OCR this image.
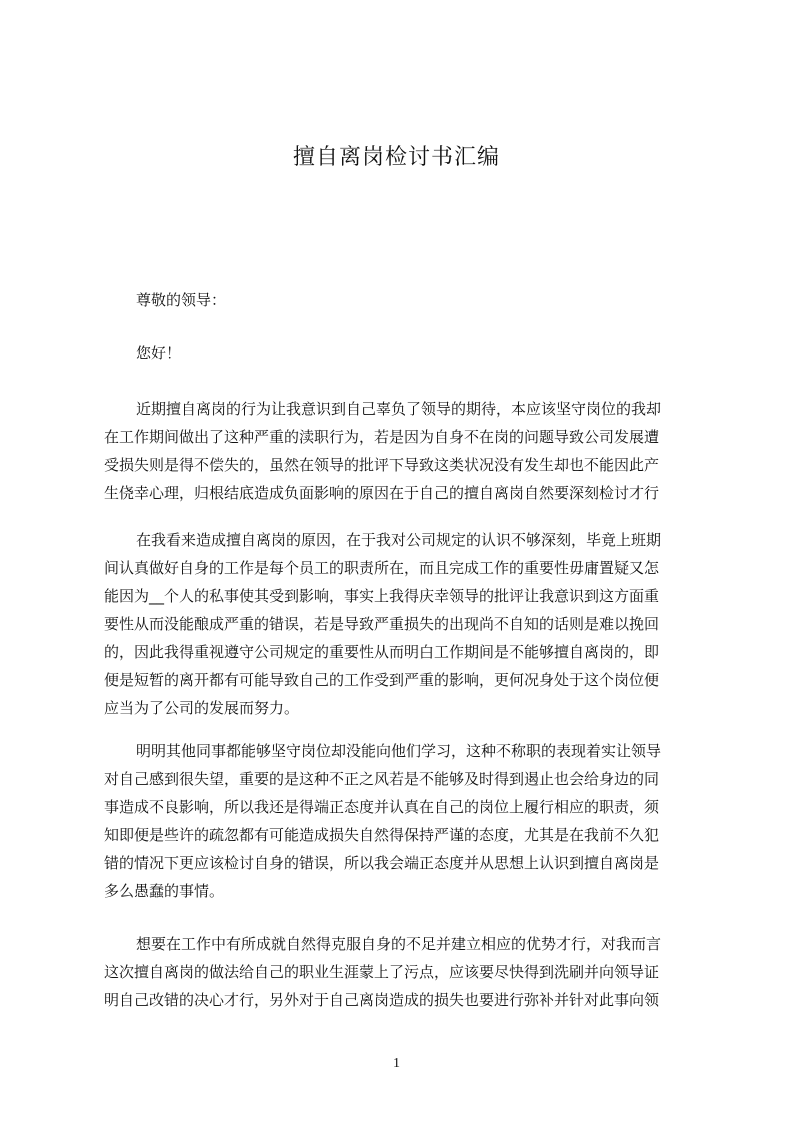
擅自离岗检讨书汇编
尊敬的领导：
您好！
近期擅自离岗的行为让我意识到自己辜负了领导的期待，本应该坚守岗位的我却
在工作期间做出了这种严重的渎职行为，若是因为自身不在岗的问题导致公司发展遭
受损失则是得不偿失的，虽然在领导的批评下导致这类状况没有发生却也不能因此产
生侥幸心理，归根结底造成负面影响的原因在于自己的擅自离岗自然要深刻检讨才行
在我看来造成擅自离岗的原因，在于我对公司规定的认识不够深刻，毕竟上班期
间认真做好自身的工作是每个员工的职责所在，而且完成工作的重要性毋庸置疑又怎
能因为__个人的私事使其受到影响，事实上我得庆幸领导的批评让我意识到这方面重
要性从而没能酿成严重的错误，若是导致严重损失的出现尚不自知的话则是难以挽回
的，因此我得重视遵守公司规定的重要性从而明白工作期间是不能够擅自离岗的，即
便是短暂的离开都有可能导致自己的工作受到严重的影响，更何况身处于这个岗位便
应当为了公司的发展而努力。
明明其他同事都能够坚守岗位却没能向他们学习，这种不称职的表现着实让领导
对自己感到很失望，重要的是这种不正之风若是不能够及时得到遏止也会给身边的同
事造成不良影响，所以我还是得端正态度并认真在自己的岗位上履行相应的职责，须
知即便是些许的疏忽都有可能造成损失自然得保持严谨的态度，尤其是在我前不久犯
错的情况下更应该检讨自身的错误，所以我会端正态度并从思想上认识到擅自离岗是
多么愚蠢的事情。
想要在工作中有所成就自然得克服自身的不足并建立相应的优势才行，对我而言
这次擅自离岗的做法给自己的职业生涯蒙上了污点，应该要尽快得到洗刷并向领导证
明自己改错的决心才行，另外对于自己离岗造成的损失也要进行弥补并针对此事向领
1
